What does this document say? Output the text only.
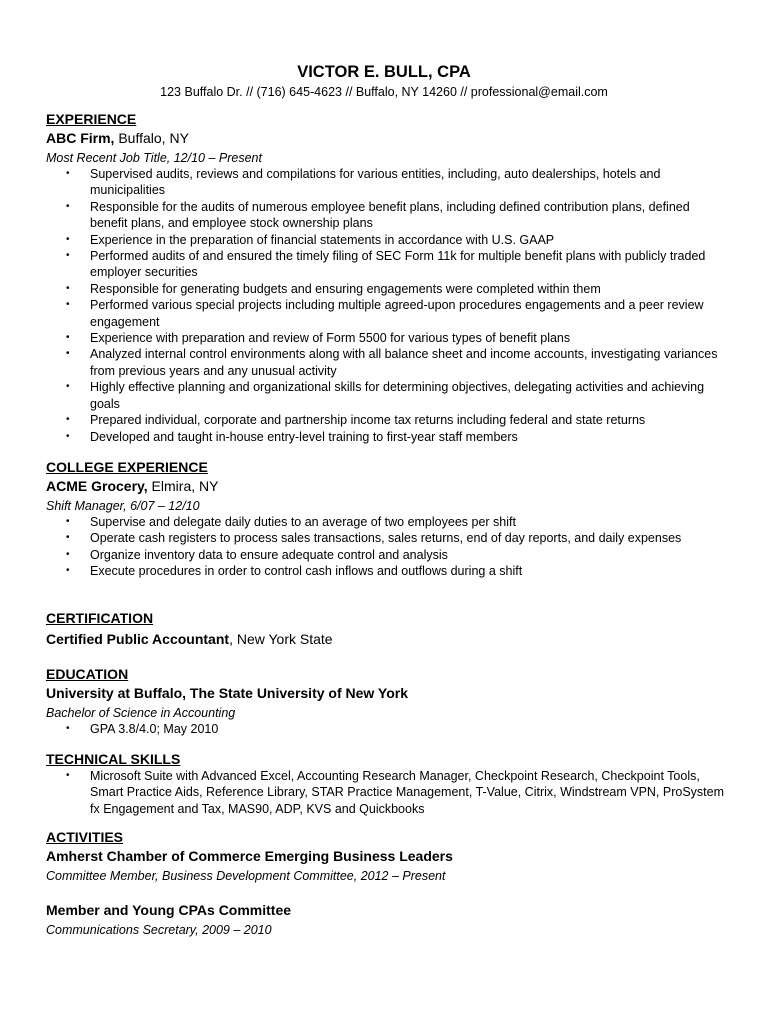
VICTOR E. BULL, CPA
123 Buffalo Dr. // (716) 645-4623 // Buffalo, NY 14260 // professional@email.com
EXPERIENCE
ABC Firm, Buffalo, NY
Most Recent Job Title, 12/10 – Present
• Supervised audits, reviews and compilations for various entities, including, auto dealerships, hotels and municipalities
• Responsible for the audits of numerous employee benefit plans, including defined contribution plans, defined benefit plans, and employee stock ownership plans
• Experience in the preparation of financial statements in accordance with U.S. GAAP
• Performed audits of and ensured the timely filing of SEC Form 11k for multiple benefit plans with publicly traded employer securities
• Responsible for generating budgets and ensuring engagements were completed within them
• Performed various special projects including multiple agreed-upon procedures engagements and a peer review engagement
• Experience with preparation and review of Form 5500 for various types of benefit plans
• Analyzed internal control environments along with all balance sheet and income accounts, investigating variances from previous years and any unusual activity
• Highly effective planning and organizational skills for determining objectives, delegating activities and achieving goals
• Prepared individual, corporate and partnership income tax returns including federal and state returns
• Developed and taught in-house entry-level training to first-year staff members
COLLEGE EXPERIENCE
ACME Grocery, Elmira, NY
Shift Manager, 6/07 – 12/10
• Supervise and delegate daily duties to an average of two employees per shift
• Operate cash registers to process sales transactions, sales returns, end of day reports, and daily expenses
• Organize inventory data to ensure adequate control and analysis
• Execute procedures in order to control cash inflows and outflows during a shift
CERTIFICATION
Certified Public Accountant, New York State
EDUCATION
University at Buffalo, The State University of New York
Bachelor of Science in Accounting
• GPA 3.8/4.0; May 2010
TECHNICAL SKILLS
• Microsoft Suite with Advanced Excel, Accounting Research Manager, Checkpoint Research, Checkpoint Tools, Smart Practice Aids, Reference Library, STAR Practice Management, T-Value, Citrix, Windstream VPN, ProSystem fx Engagement and Tax, MAS90, ADP, KVS and Quickbooks
ACTIVITIES
Amherst Chamber of Commerce Emerging Business Leaders
Committee Member, Business Development Committee, 2012 – Present
Member and Young CPAs Committee
Communications Secretary, 2009 – 2010
